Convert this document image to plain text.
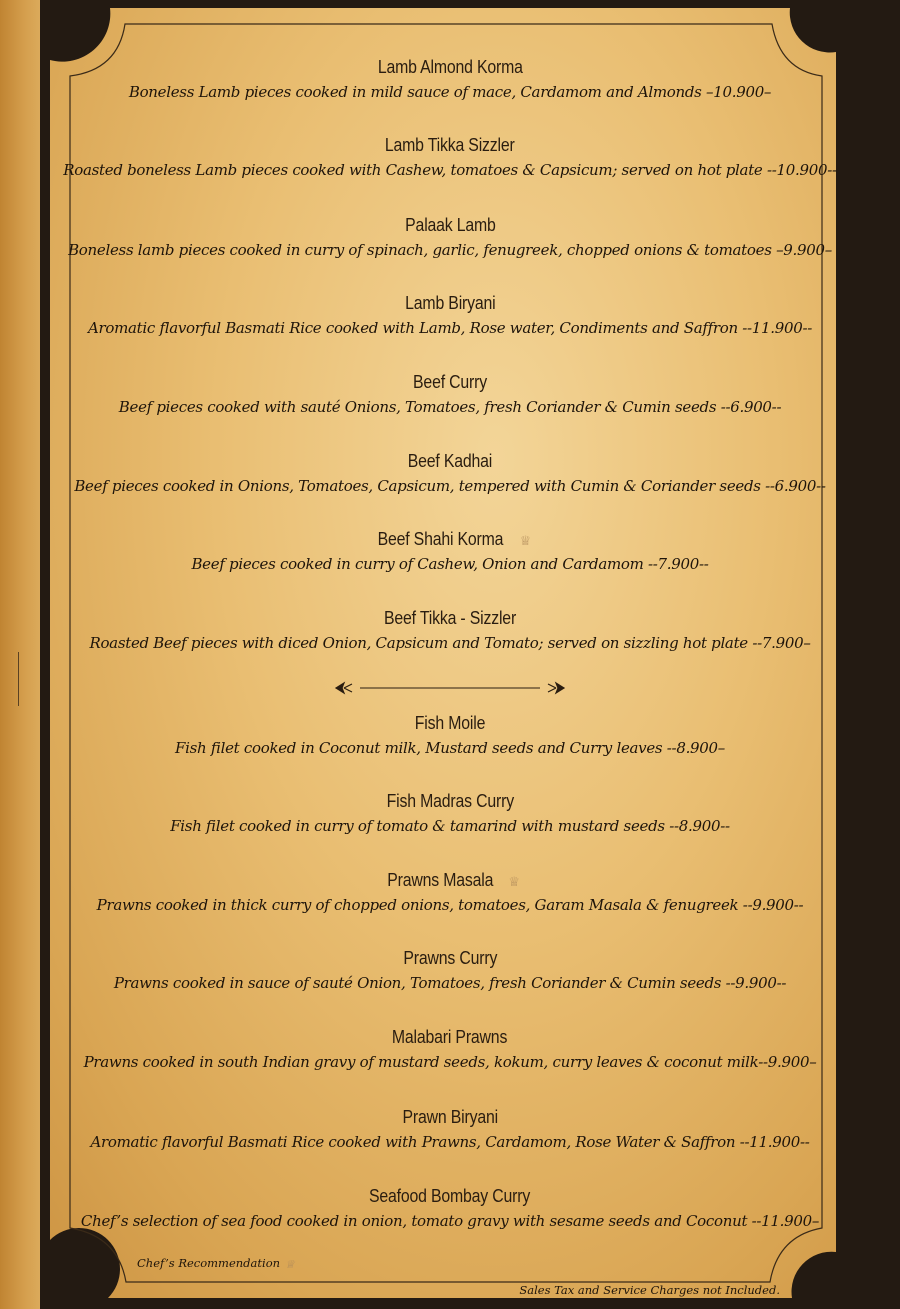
Lamb Almond Korma
Boneless Lamb pieces cooked in mild sauce of mace, Cardamom and Almonds –10.900–
Lamb Tikka Sizzler
Roasted boneless Lamb pieces cooked with Cashew, tomatoes & Capsicum; served on hot plate --10.900--
Palaak Lamb
Boneless lamb pieces cooked in curry of spinach, garlic, fenugreek, chopped onions & tomatoes –9.900–
Lamb Biryani
Aromatic flavorful Basmati Rice cooked with Lamb, Rose water, Condiments and Saffron --11.900--
Beef Curry
Beef pieces cooked with sauté Onions, Tomatoes, fresh Coriander & Cumin seeds --6.900--
Beef Kadhai
Beef pieces cooked in Onions, Tomatoes, Capsicum, tempered with Cumin & Coriander seeds --6.900--
Beef Shahi Korma ♕
Beef pieces cooked in curry of Cashew, Onion and Cardamom --7.900--
Beef Tikka - Sizzler
Roasted Beef pieces with diced Onion, Capsicum and Tomato; served on sizzling hot plate --7.900–
Fish Moile
Fish filet cooked in Coconut milk, Mustard seeds and Curry leaves --8.900–
Fish Madras Curry
Fish filet cooked in curry of tomato & tamarind with mustard seeds --8.900--
Prawns Masala ♕
Prawns cooked in thick curry of chopped onions, tomatoes, Garam Masala & fenugreek --9.900--
Prawns Curry
Prawns cooked in sauce of sauté Onion, Tomatoes, fresh Coriander & Cumin seeds --9.900--
Malabari Prawns
Prawns cooked in south Indian gravy of mustard seeds, kokum, curry leaves & coconut milk--9.900–
Prawn Biryani
Aromatic flavorful Basmati Rice cooked with Prawns, Cardamom, Rose Water & Saffron --11.900--
Seafood Bombay Curry
Chef’s selection of sea food cooked in onion, tomato gravy with sesame seeds and Coconut --11.900–
Chef’s Recommendation ♕
Sales Tax and Service Charges not Included.
